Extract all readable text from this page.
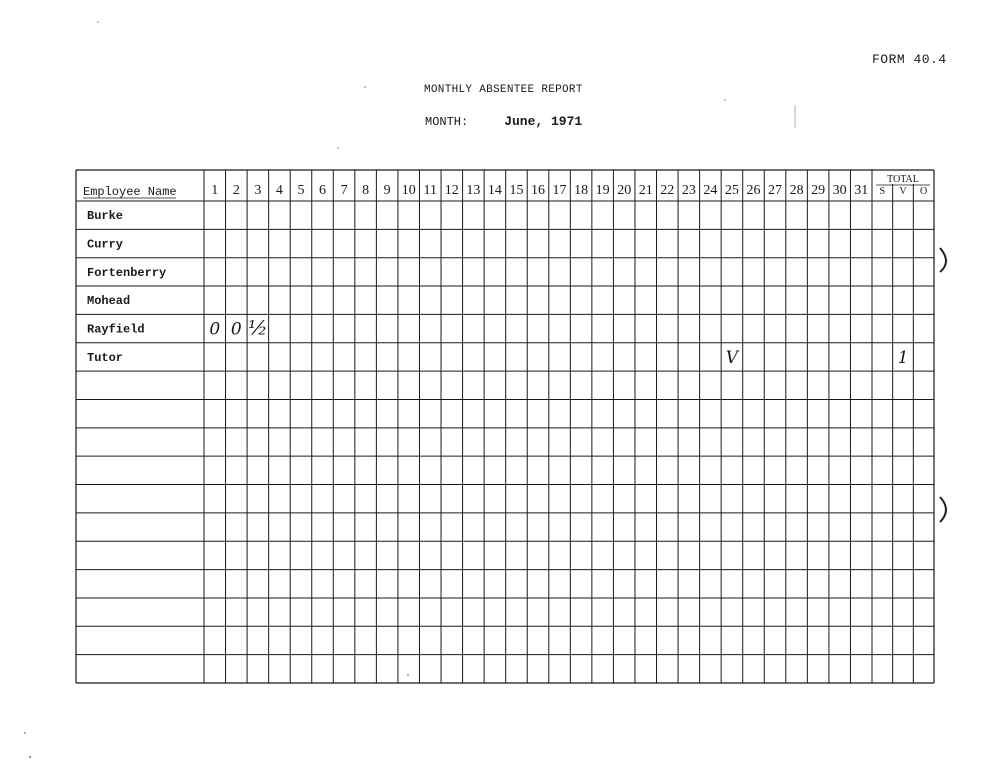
FORM 40.4
MONTHLY ABSENTEE REPORT
MONTH:	June, 1971
Employee Name 1 2 3 4 5 6 7 8 9 10 11 12 13 14 15 16 17 18 19 20 21 22 23 24 25 26 27 28 29 30 31
TOTAL
S V O
Burke
Curry
Fortenberry
Mohead
Rayfield
Tutor
0 0 ½
V	1
